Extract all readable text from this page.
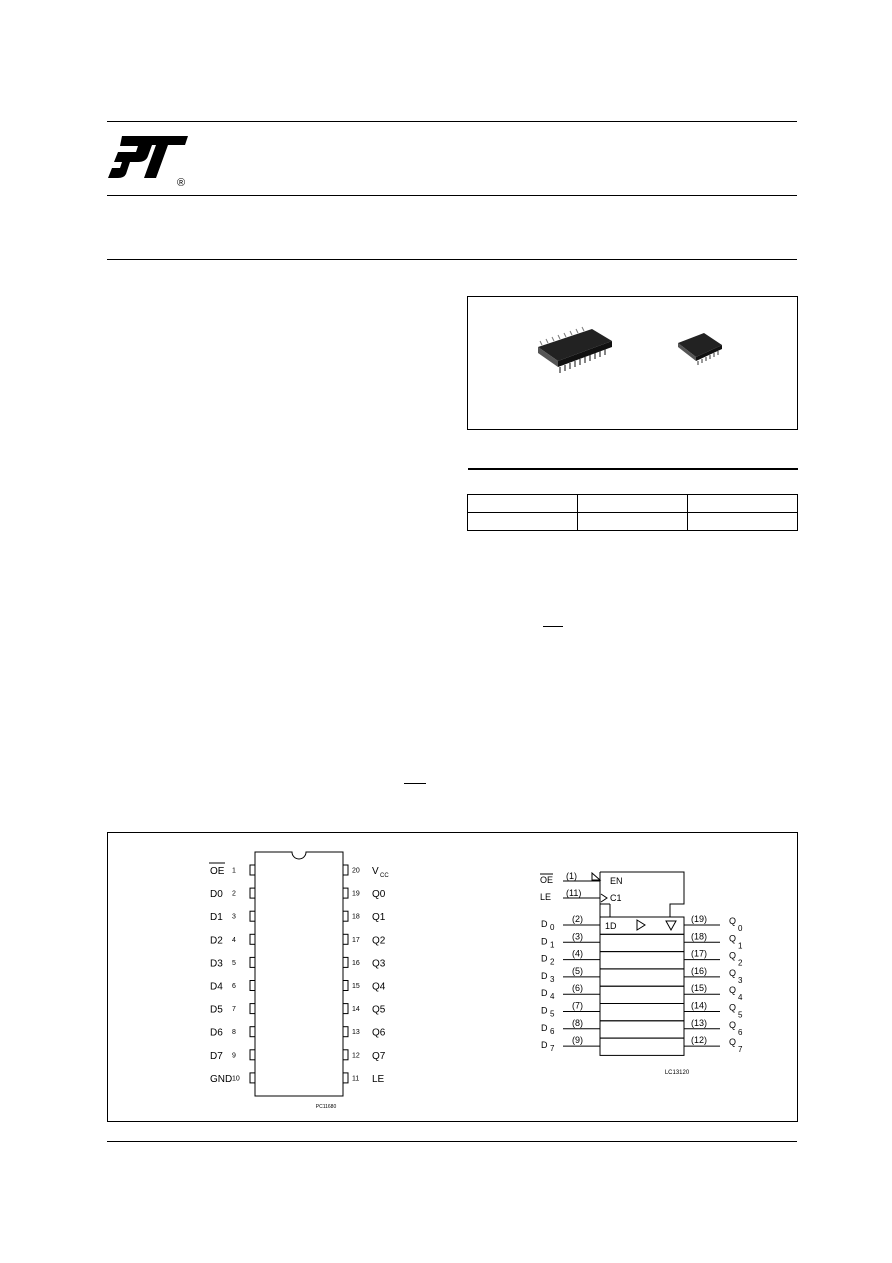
®

1
OE
2
D0
3
D1
4
D2
5
D3
6
D4
7
D5
8
D6
9
D7
10
GND
20 V CC
19 Q0
18 Q1
17 Q2
16 Q3
15 Q4
14 Q5
13 Q6
12 Q7
11 LE
PC11680
OE (1)	EN
LE (11)	C1
D 0
(2)
D 1
(3)
D 2
(4)
D 3
(5)
D 4
(6)
D 5
(7)
D 6
(8)
D 7
(9)
(19) Q
0
(18) Q
1
(17) Q
2
(16) Q
3
(15) Q
4
(14) Q
5
(13) Q
6
(12) Q
7
1D
LC13120
